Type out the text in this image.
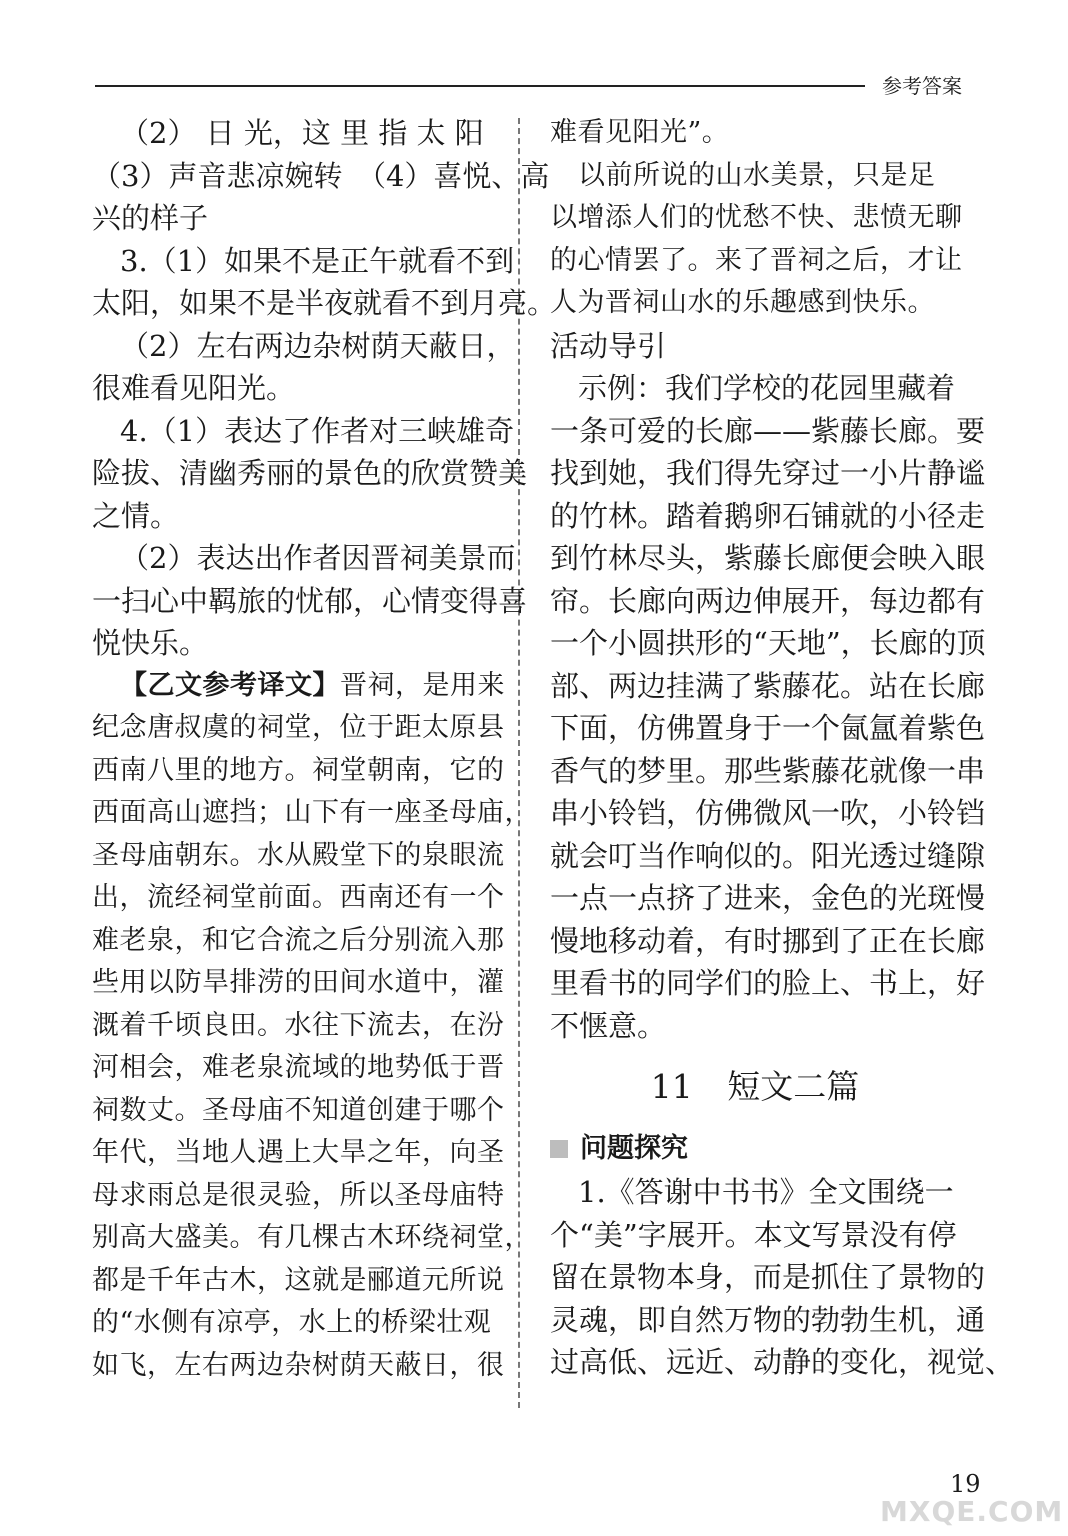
参考答案
（2） 日 光，这 里 指 太 阳
（3）声音悲凉婉转　（4）喜悦、高
兴的样子
3.（1）如果不是正午就看不到
太阳，如果不是半夜就看不到月亮。
（2）左右两边杂树荫天蔽日，
很难看见阳光。
4.（1）表达了作者对三峡雄奇
险拔、清幽秀丽的景色的欣赏赞美
之情。
（2）表达出作者因晋祠美景而
一扫心中羁旅的忧郁，心情变得喜
悦快乐。
【乙文参考译文】晋祠，是用来
纪念唐叔虞的祠堂，位于距太原县
西南八里的地方。祠堂朝南，它的
西面高山遮挡；山下有一座圣母庙，
圣母庙朝东。水从殿堂下的泉眼流
出，流经祠堂前面。西南还有一个
难老泉，和它合流之后分别流入那
些用以防旱排涝的田间水道中，灌
溉着千顷良田。水往下流去，在汾
河相会，难老泉流域的地势低于晋
祠数丈。圣母庙不知道创建于哪个
年代，当地人遇上大旱之年，向圣
母求雨总是很灵验，所以圣母庙特
别高大盛美。有几棵古木环绕祠堂，
都是千年古木，这就是郦道元所说
的“水侧有凉亭，水上的桥梁壮观
如飞，左右两边杂树荫天蔽日，很
难看见阳光”。
以前所说的山水美景，只是足
以增添人们的忧愁不快、悲愤无聊
的心情罢了。来了晋祠之后，才让
人为晋祠山水的乐趣感到快乐。
活动导引
示例：我们学校的花园里藏着
一条可爱的长廊——紫藤长廊。要
找到她，我们得先穿过一小片静谧
的竹林。踏着鹅卵石铺就的小径走
到竹林尽头，紫藤长廊便会映入眼
帘。长廊向两边伸展开，每边都有
一个小圆拱形的“天地”，长廊的顶
部、两边挂满了紫藤花。站在长廊
下面，仿佛置身于一个氤氲着紫色
香气的梦里。那些紫藤花就像一串
串小铃铛，仿佛微风一吹，小铃铛
就会叮当作响似的。阳光透过缝隙
一点一点挤了进来，金色的光斑慢
慢地移动着，有时挪到了正在长廊
里看书的同学们的脸上、书上，好
不惬意。
11 短文二篇
问题探究
1.《答谢中书书》全文围绕一
个“美”字展开。本文写景没有停
留在景物本身，而是抓住了景物的
灵魂，即自然万物的勃勃生机，通
过高低、远近、动静的变化，视觉、
19
MXQE.COM
